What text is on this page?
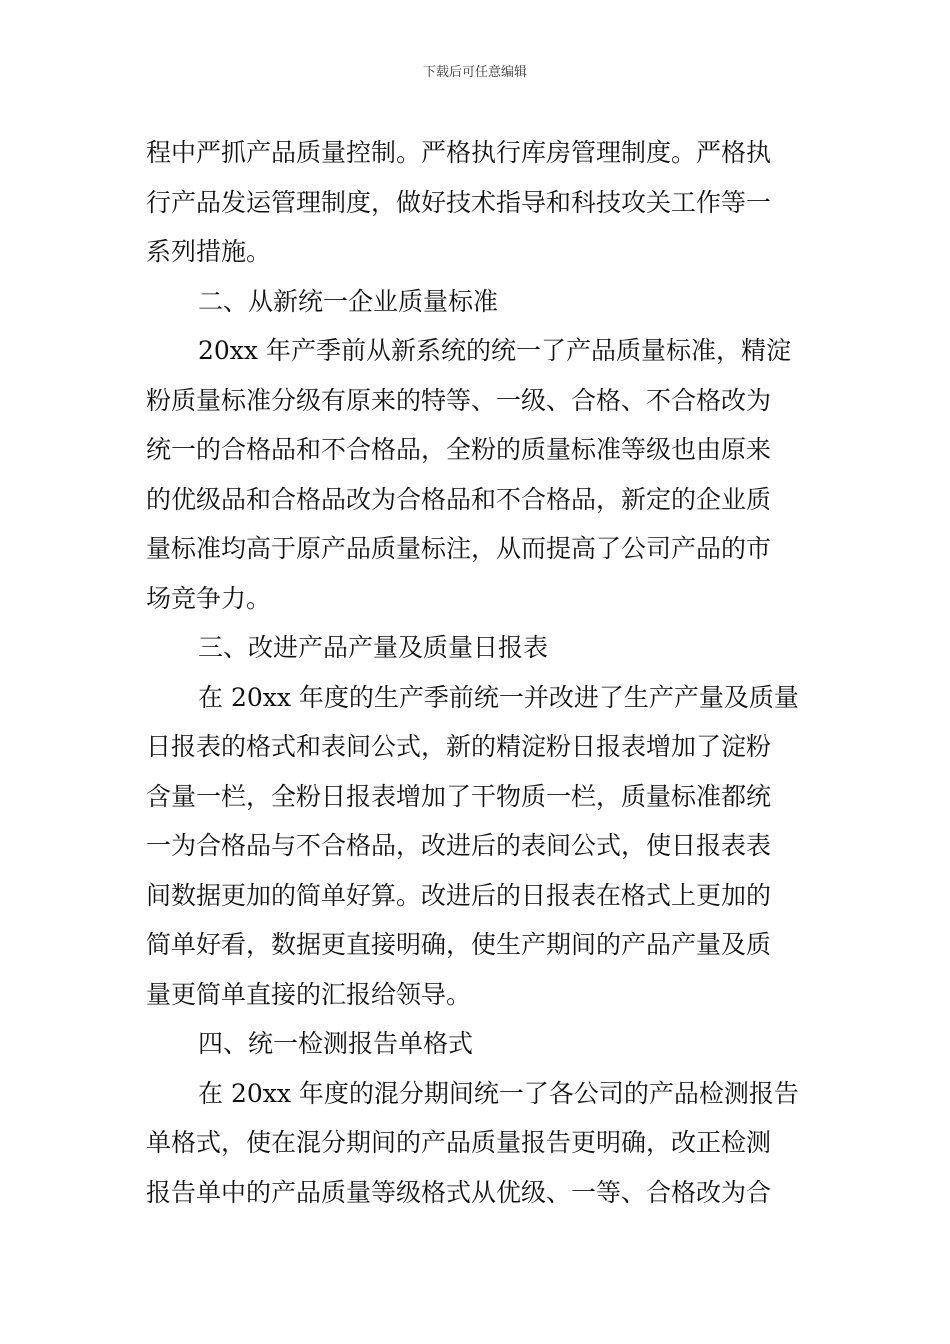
下载后可任意编辑
程中严抓产品质量控制。严格执行库房管理制度。严格执
行产品发运管理制度，做好技术指导和科技攻关工作等一
系列措施。
二、从新统一企业质量标准
20xx 年产季前从新系统的统一了产品质量标准，精淀
粉质量标准分级有原来的特等、一级、合格、不合格改为
统一的合格品和不合格品，全粉的质量标准等级也由原来
的优级品和合格品改为合格品和不合格品，新定的企业质
量标准均高于原产品质量标注，从而提高了公司产品的市
场竞争力。
三、改进产品产量及质量日报表
在 20xx 年度的生产季前统一并改进了生产产量及质量
日报表的格式和表间公式，新的精淀粉日报表增加了淀粉
含量一栏，全粉日报表增加了干物质一栏，质量标准都统
一为合格品与不合格品，改进后的表间公式，使日报表表
间数据更加的简单好算。改进后的日报表在格式上更加的
简单好看，数据更直接明确，使生产期间的产品产量及质
量更简单直接的汇报给领导。
四、统一检测报告单格式
在 20xx 年度的混分期间统一了各公司的产品检测报告
单格式，使在混分期间的产品质量报告更明确，改正检测
报告单中的产品质量等级格式从优级、一等、合格改为合
